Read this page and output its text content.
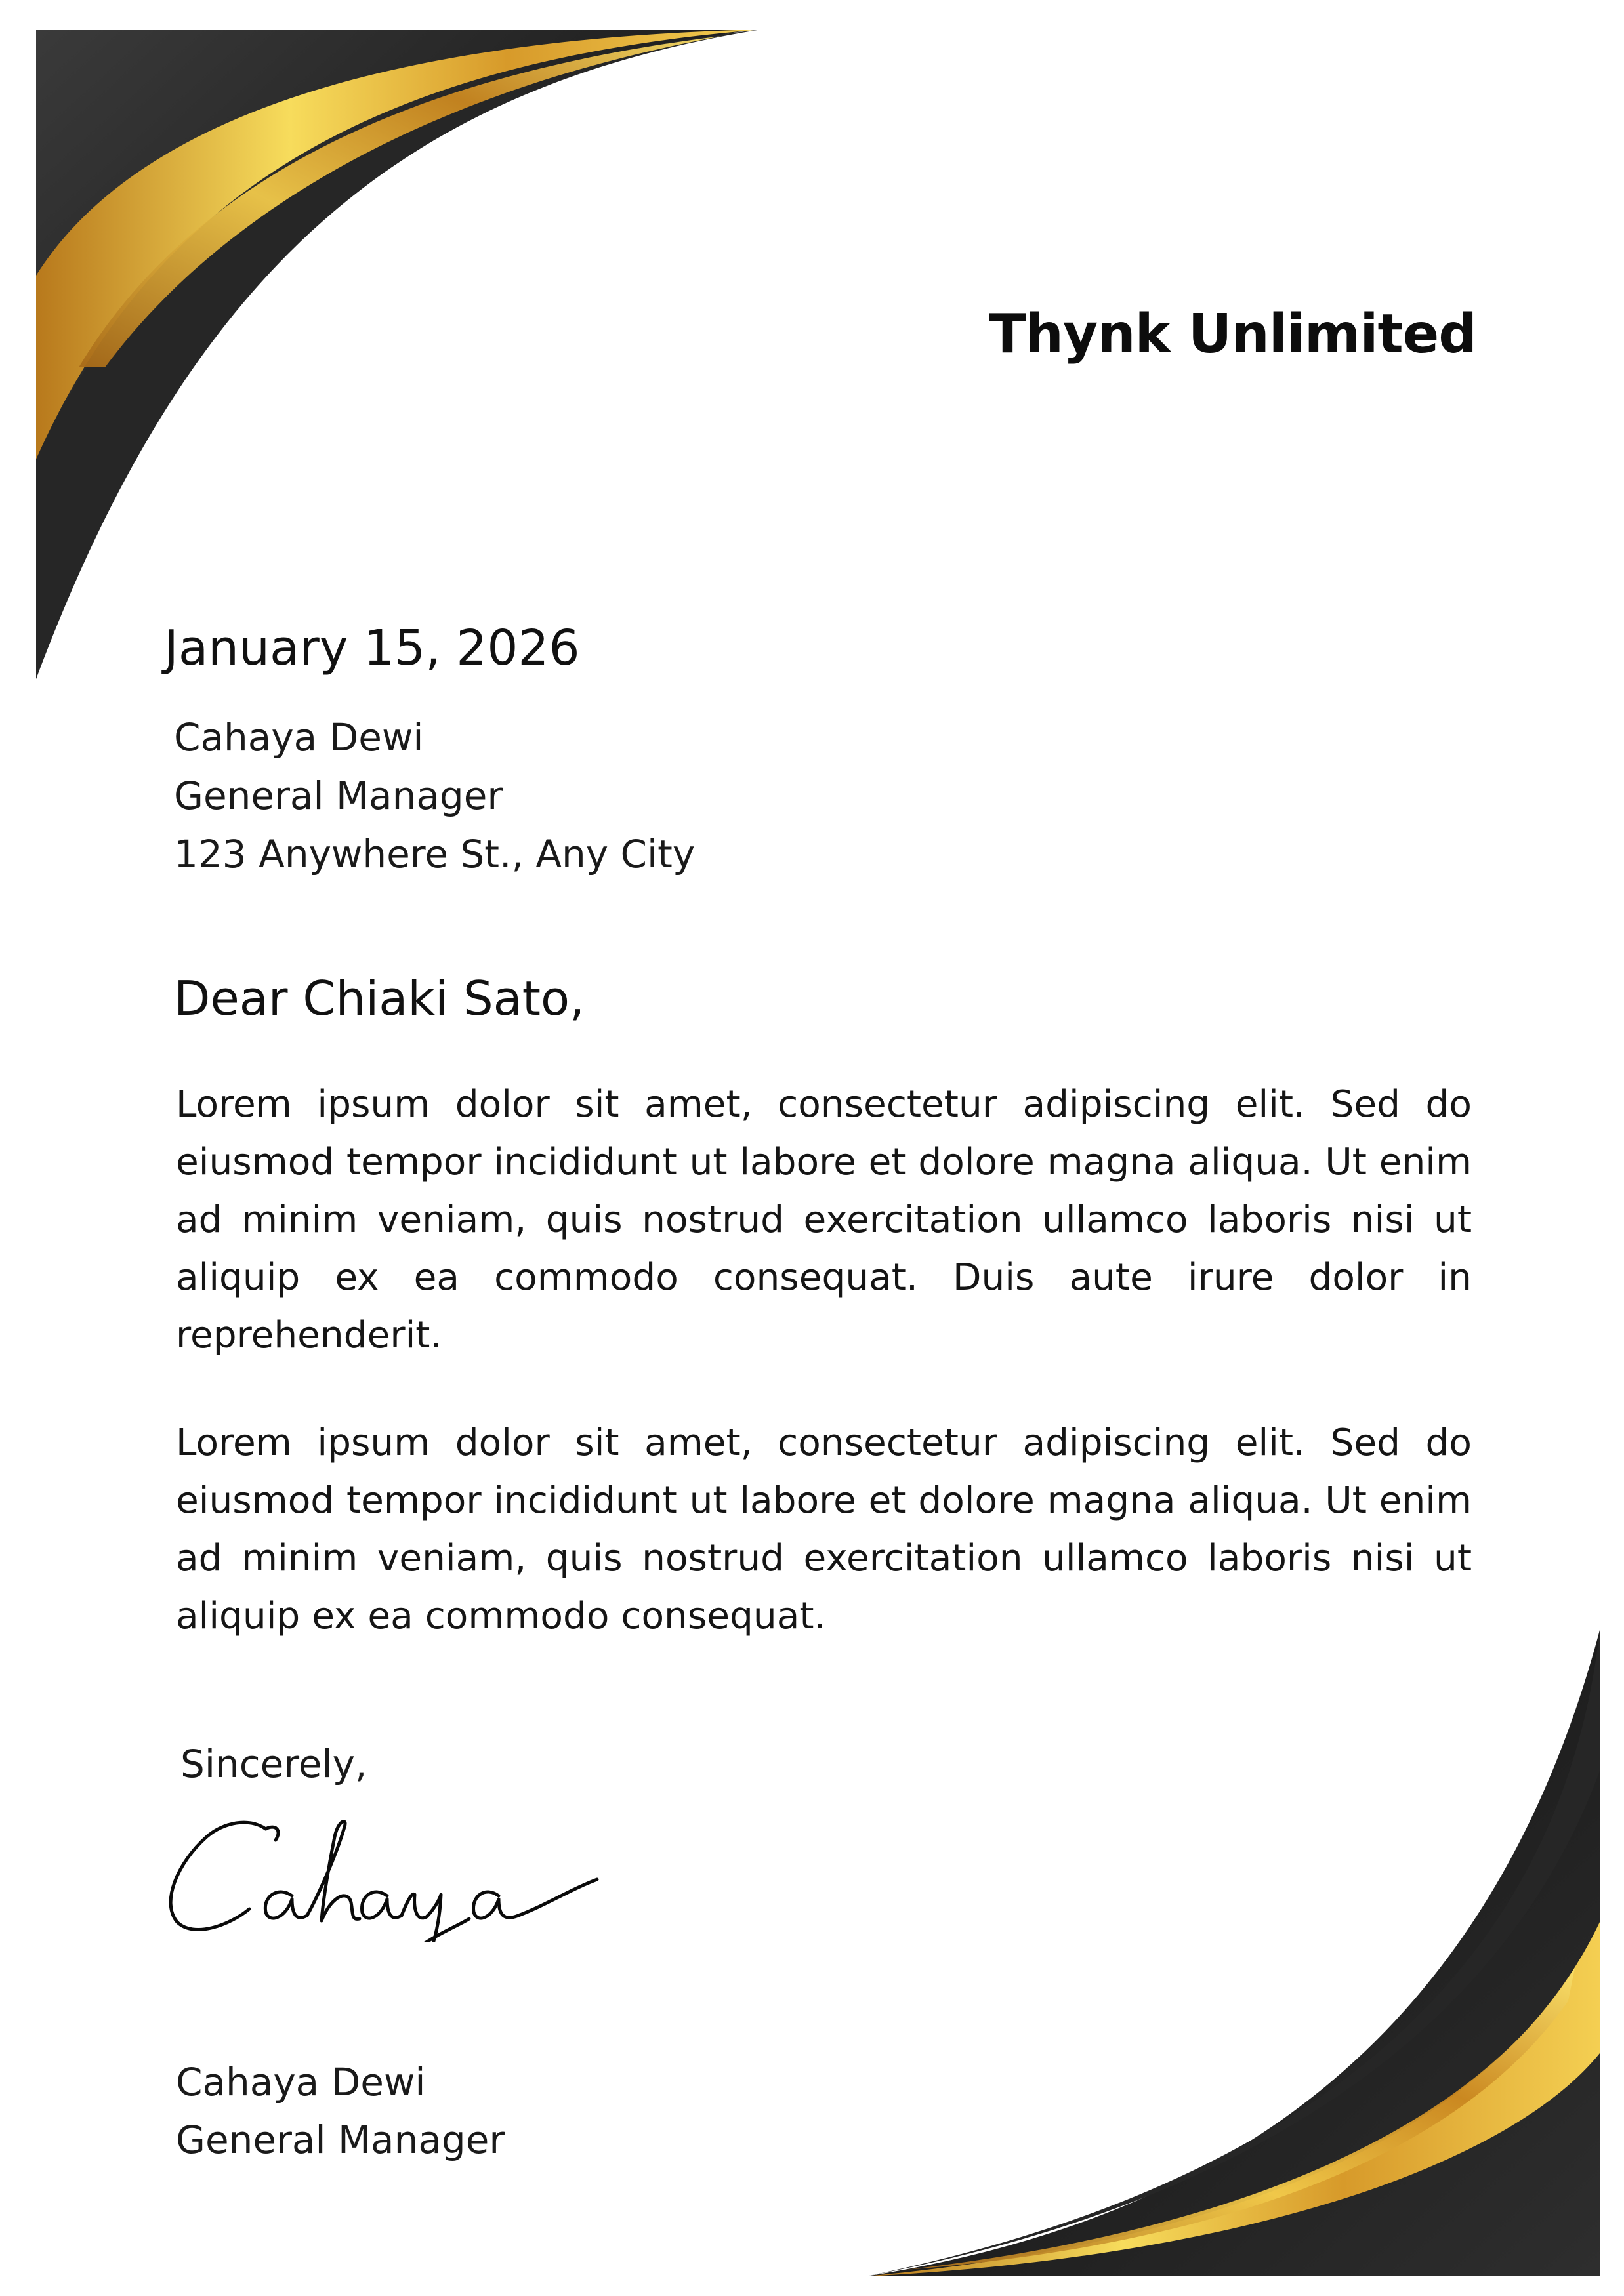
Thynk Unlimited
January 15, 2026
Cahaya Dewi
General Manager
123 Anywhere St., Any City
Dear Chiaki Sato,
Lorem ipsum dolor sit amet, consectetur adipiscing elit. Sed do eiusmod tempor incididunt ut labore et dolore magna aliqua. Ut enim ad minim veniam, quis nostrud exercitation ullamco laboris nisi ut aliquip ex ea commodo consequat. Duis aute irure dolor in reprehenderit.
Lorem ipsum dolor sit amet, consectetur adipiscing elit. Sed do eiusmod tempor incididunt ut labore et dolore magna aliqua. Ut enim ad minim veniam, quis nostrud exercitation ullamco laboris nisi ut aliquip ex ea commodo consequat.
Sincerely,
Cahaya Dewi
General Manager
